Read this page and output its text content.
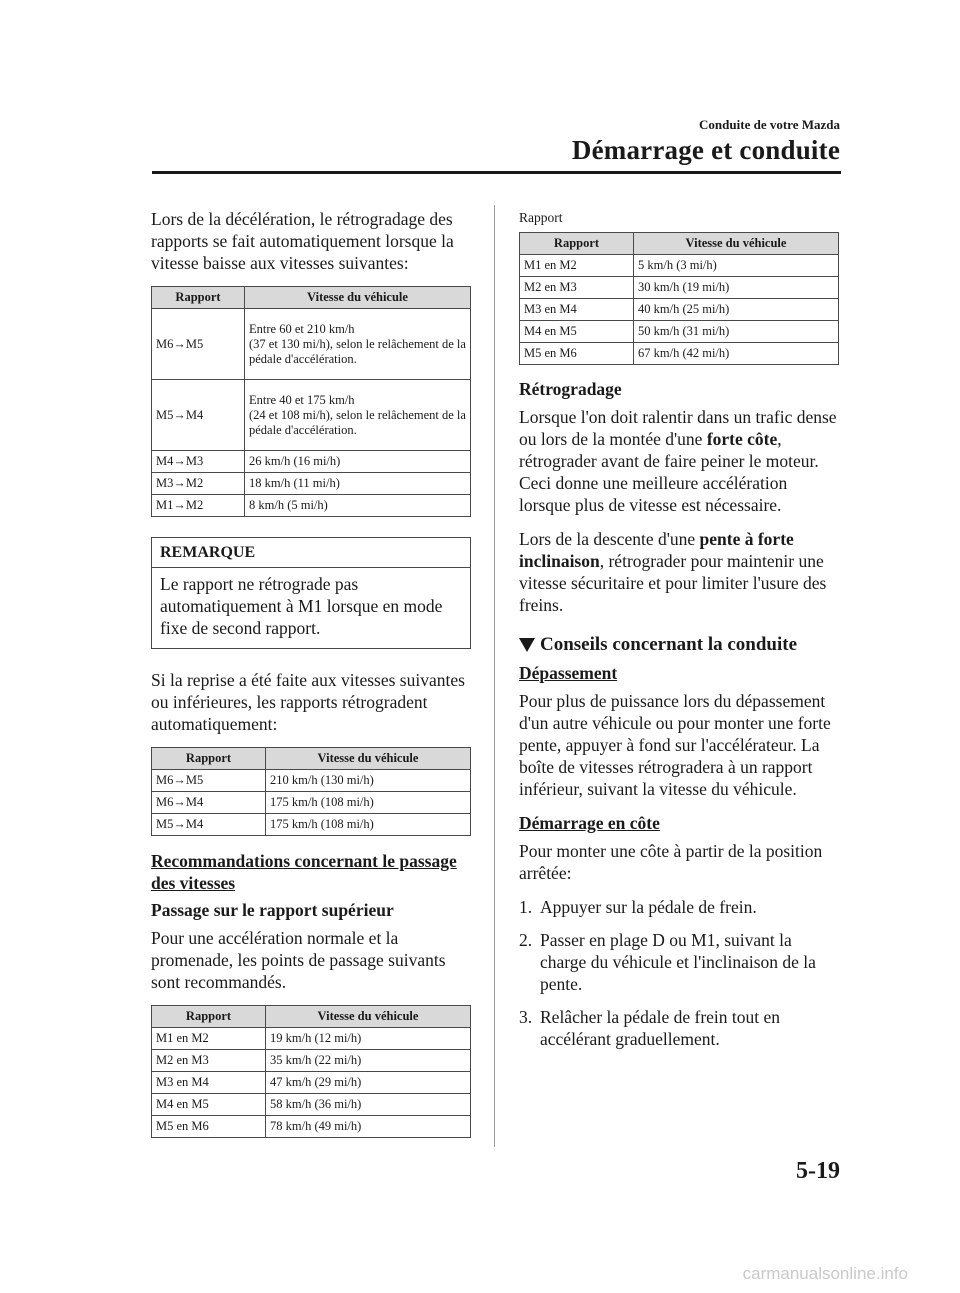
Conduite de votre Mazda
Démarrage et conduite

Lors de la décélération, le rétrogradage des rapports se fait automatiquement lorsque la vitesse baisse aux vitesses suivantes:

Rapport	Vitesse du véhicule
M6→M5	Entre 60 et 210 km/h
(37 et 130 mi/h), selon le relâchement de la pédale d'accélération.
M5→M4	Entre 40 et 175 km/h
(24 et 108 mi/h), selon le relâchement de la pédale d'accélération.
M4→M3	26 km/h (16 mi/h)
M3→M2	18 km/h (11 mi/h)
M1→M2	8 km/h (5 mi/h)
REMARQUE
Le rapport ne rétrograde pas automatiquement à M1 lorsque en mode fixe de second rapport.

Si la reprise a été faite aux vitesses suivantes ou inférieures, les rapports rétrogradent automatiquement:

Rapport	Vitesse du véhicule
M6→M5	210 km/h (130 mi/h)
M6→M4	175 km/h (108 mi/h)
M5→M4	175 km/h (108 mi/h)
Recommandations concernant le passage des vitesses
Passage sur le rapport supérieur

Pour une accélération normale et la promenade, les points de passage suivants sont recommandés.

Rapport	Vitesse du véhicule
M1 en M2	19 km/h (12 mi/h)
M2 en M3	35 km/h (22 mi/h)
M3 en M4	47 km/h (29 mi/h)
M4 en M5	58 km/h (36 mi/h)
M5 en M6	78 km/h (49 mi/h)

Rapport

Rapport	Vitesse du véhicule
M1 en M2	5 km/h (3 mi/h)
M2 en M3	30 km/h (19 mi/h)
M3 en M4	40 km/h (25 mi/h)
M4 en M5	50 km/h (31 mi/h)
M5 en M6	67 km/h (42 mi/h)
Rétrogradage

Lorsque l'on doit ralentir dans un trafic dense ou lors de la montée d'une forte côte, rétrograder avant de faire peiner le moteur. Ceci donne une meilleure accélération lorsque plus de vitesse est nécessaire.

Lors de la descente d'une pente à forte inclinaison, rétrograder pour maintenir une vitesse sécuritaire et pour limiter l'usure des freins.

Conseils concernant la conduite
Dépassement

Pour plus de puissance lors du dépassement d'un autre véhicule ou pour monter une forte pente, appuyer à fond sur l'accélérateur. La boîte de vitesses rétrogradera à un rapport inférieur, suivant la vitesse du véhicule.

Démarrage en côte

Pour monter une côte à partir de la position arrêtée:

1. Appuyer sur la pédale de frein.
2. Passer en plage D ou M1, suivant la charge du véhicule et l'inclinaison de la pente.
3. Relâcher la pédale de frein tout en accélérant graduellement.
5-19
carmanualsonline.info
